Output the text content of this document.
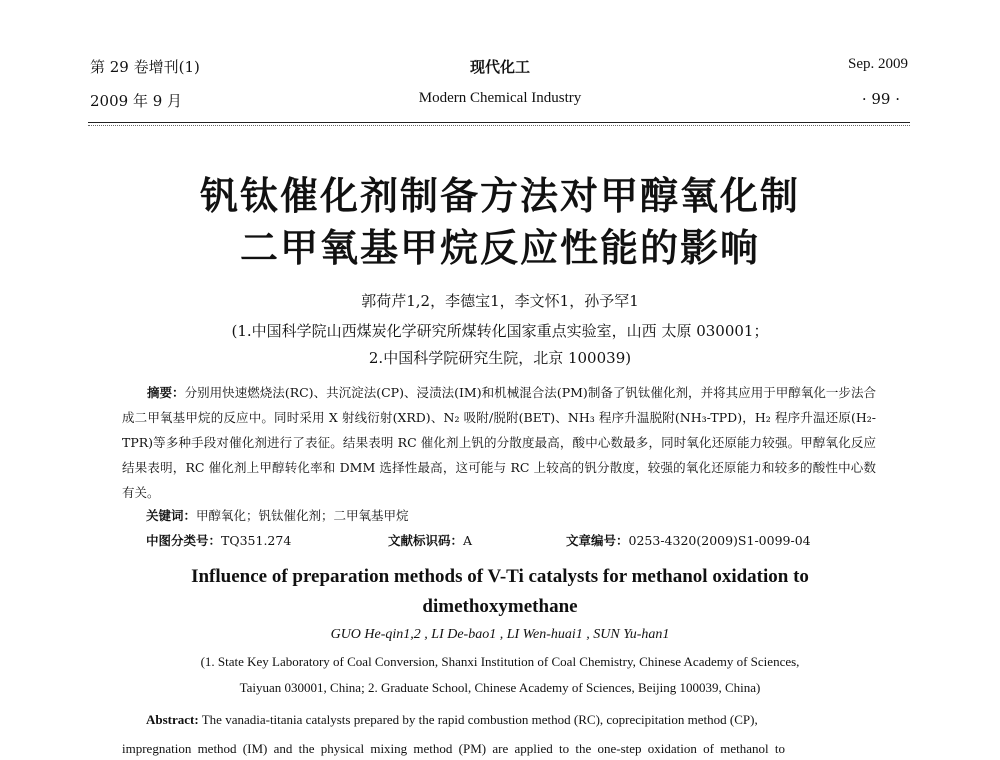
第 29 卷增刊(1)
2009 年 9 月
现代化工
Modern Chemical Industry
Sep. 2009
· 99 ·
钒钛催化剂制备方法对甲醇氧化制
二甲氧基甲烷反应性能的影响
郭荷芹1,2，李德宝1，李文怀1，孙予罕1
(1.中国科学院山西煤炭化学研究所煤转化国家重点实验室，山西 太原 030001；
2.中国科学院研究生院，北京 100039)
摘要：分别用快速燃烧法(RC)、共沉淀法(CP)、浸渍法(IM)和机械混合法(PM)制备了钒钛催化剂，并将其应用于甲醇氧化一步法合成二甲氧基甲烷的反应中。同时采用 X 射线衍射(XRD)、N₂ 吸附/脱附(BET)、NH₃ 程序升温脱附(NH₃-TPD)，H₂ 程序升温还原(H₂-TPR)等多种手段对催化剂进行了表征。结果表明 RC 催化剂上钒的分散度最高，酸中心数最多，同时氧化还原能力较强。甲醇氧化反应结果表明，RC 催化剂上甲醇转化率和 DMM 选择性最高，这可能与 RC 上较高的钒分散度，较强的氧化还原能力和较多的酸性中心数有关。
关键词：甲醇氧化；钒钛催化剂；二甲氧基甲烷
中图分类号：TQ351.274	文献标识码：A	文章编号：0253-4320(2009)S1-0099-04
Influence of preparation methods of V-Ti catalysts for methanol oxidation to
dimethoxymethane
GUO He-qin1,2 , LI De-bao1 , LI Wen-huai1 , SUN Yu-han1
(1. State Key Laboratory of Coal Conversion, Shanxi Institution of Coal Chemistry, Chinese Academy of Sciences,
Taiyuan 030001, China; 2. Graduate School, Chinese Academy of Sciences, Beijing 100039, China)
Abstract: The vanadia-titania catalysts prepared by the rapid combustion method (RC), coprecipitation method (CP),
impregnation method (IM) and the physical mixing method (PM) are applied to the one-step oxidation of methanol to
